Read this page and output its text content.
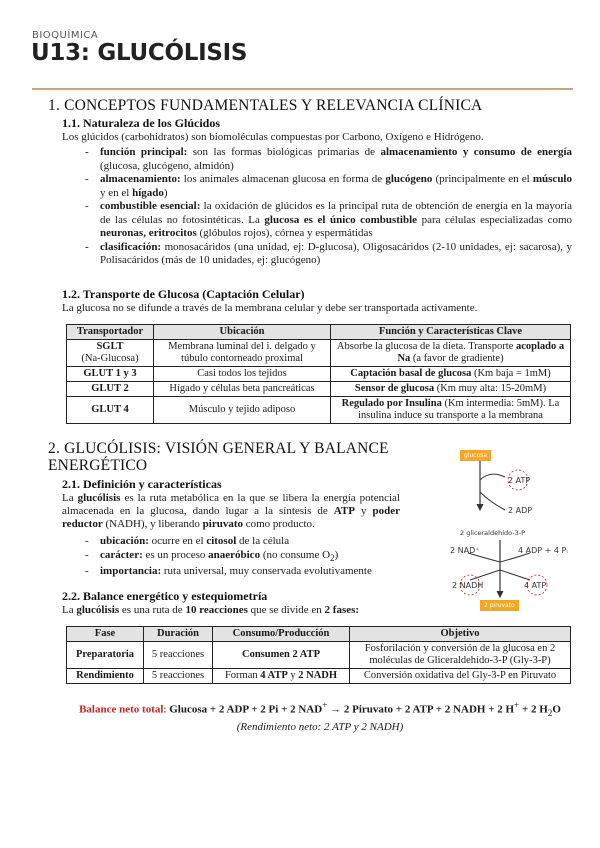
BIOQUÍMICA
U13: GLUCÓLISIS
1. CONCEPTOS FUNDAMENTALES Y RELEVANCIA CLÍNICA
1.1. Naturaleza de los Glúcidos

Los glúcidos (carbohidratos) son biomoléculas compuestas por Carbono, Oxígeno e Hidrógeno.

- función principal: son las formas biológicas primarias de almacenamiento y consumo de energía (glucosa, glucógeno, almidón)
- almacenamiento: los animales almacenan glucosa en forma de glucógeno (principalmente en el músculo y en el hígado)
- combustible esencial: la oxidación de glúcidos es la principal ruta de obtención de energía en la mayoría de las células no fotosintéticas. La glucosa es el único combustible para células especializadas como neuronas, eritrocitos (glóbulos rojos), córnea y espermátidas
- clasificación: monosacáridos (una unidad, ej: D-glucosa), Oligosacáridos (2-10 unidades, ej: sacarosa), y Polisacáridos (más de 10 unidades, ej: glucógeno)
1.2. Transporte de Glucosa (Captación Celular)

La glucosa no se difunde a través de la membrana celular y debe ser transportada activamente.

Transportador	Ubicación	Función y Características Clave
SGLT
(Na-Glucosa)	Membrana luminal del i. delgado y túbulo contorneado proximal	Absorbe la glucosa de la dieta. Transporte acoplado a Na (a favor de gradiente)
GLUT 1 y 3	Casi todos los tejidos	Captación basal de glucosa (Km baja = 1mM)
GLUT 2	Hígado y células beta pancreáticas	Sensor de glucosa (Km muy alta: 15-20mM)
GLUT 4	Músculo y tejido adiposo	Regulado por Insulina (Km intermedia: 5mM). La insulina induce su transporte a la membrana
2. GLUCÓLISIS: VISIÓN GENERAL Y BALANCE ENERGÉTICO
2.1. Definición y características

La glucólisis es la ruta metabólica en la que se libera la energía potencial almacenada en la glucosa, dando lugar a la síntesis de ATP y poder reductor (NADH), y liberando piruvato como producto.

- ubicación: ocurre en el citosol de la célula
- carácter: es un proceso anaeróbico (no consume $O_2$)
- importancia: ruta universal, muy conservada evolutivamente
2.2. Balance energético y estequiometría

La glucólisis es una ruta de 10 reacciones que se divide en 2 fases:

glucosa
2 ATP
2 ADP
2 gliceraldehído-3-P
2 NAD⁺	4 ADP + 4 Pᵢ
2 NADH	4 ATP
2 piruvato
Fase	Duración	Consumo/Producción	Objetivo
Preparatoria	5 reacciones	Consumen 2 ATP	Fosforilación y conversión de la glucosa en 2 moléculas de Gliceraldehído-3-P (Gly-3-P)
Rendimiento	5 reacciones	Forman 4 ATP y 2 NADH	Conversión oxidativa del Gly-3-P en Piruvato
Balance neto total: Glucosa + 2 ADP + 2 Pi + 2 NAD+ → 2 Piruvato + 2 ATP + 2 NADH + 2 H+ + 2 $H_2O$ (Rendimiento neto: 2 ATP y 2 NADH)
